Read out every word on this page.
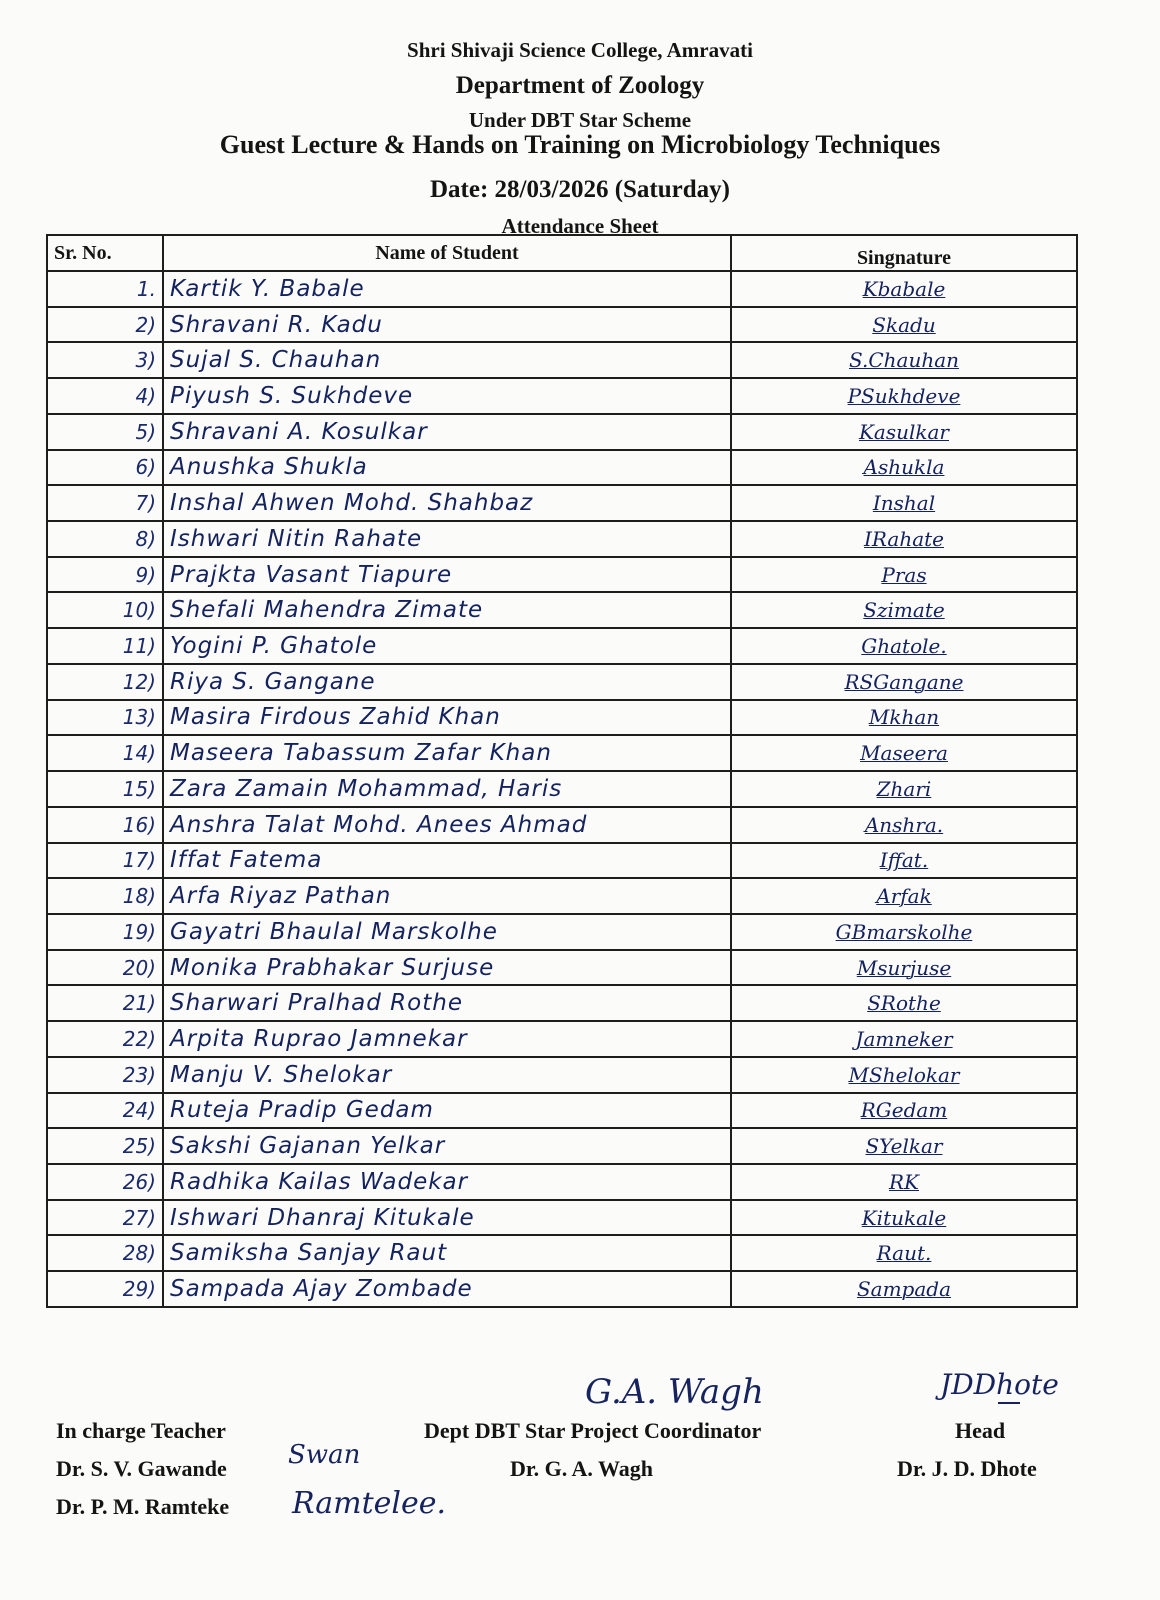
Shri Shivaji Science College, Amravati
Department of Zoology
Under DBT Star Scheme
Guest Lecture & Hands on Training on Microbiology Techniques
Date: 28/03/2026 (Saturday)
Attendance Sheet
Sr. No.	Name of Student	Singnature
1.	Kartik Y. Babale	Kbabale
2)	Shravani R. Kadu	Skadu
3)	Sujal S. Chauhan	S.Chauhan
4)	Piyush S. Sukhdeve	PSukhdeve
5)	Shravani A. Kosulkar	Kasulkar
6)	Anushka Shukla	Ashukla
7)	Inshal Ahwen Mohd. Shahbaz	Inshal
8)	Ishwari Nitin Rahate	IRahate
9)	Prajkta Vasant Tiapure	Pras
10)	Shefali Mahendra Zimate	Szimate
11)	Yogini P. Ghatole	Ghatole.
12)	Riya S. Gangane	RSGangane
13)	Masira Firdous Zahid Khan	Mkhan
14)	Maseera Tabassum Zafar Khan	Maseera
15)	Zara Zamain Mohammad, Haris	Zhari
16)	Anshra Talat Mohd. Anees Ahmad	Anshra.
17)	Iffat Fatema	Iffat.
18)	Arfa Riyaz Pathan	Arfak
19)	Gayatri Bhaulal Marskolhe	GBmarskolhe
20)	Monika Prabhakar Surjuse	Msurjuse
21)	Sharwari Pralhad Rothe	SRothe
22)	Arpita Ruprao Jamnekar	Jamneker
23)	Manju V. Shelokar	MShelokar
24)	Ruteja Pradip Gedam	RGedam
25)	Sakshi Gajanan Yelkar	SYelkar
26)	Radhika Kailas Wadekar	RK
27)	Ishwari Dhanraj Kitukale	Kitukale
28)	Samiksha Sanjay Raut	Raut.
29)	Sampada Ajay Zombade	Sampada
In charge Teacher
Dr. S. V. Gawande
Dr. P. M. Ramteke
Dept DBT Star Project Coordinator
Dr. G. A. Wagh
Head
Dr. J. D. Dhote
G.A. Wagh	JDDhote
Swan
Ramtelee.
